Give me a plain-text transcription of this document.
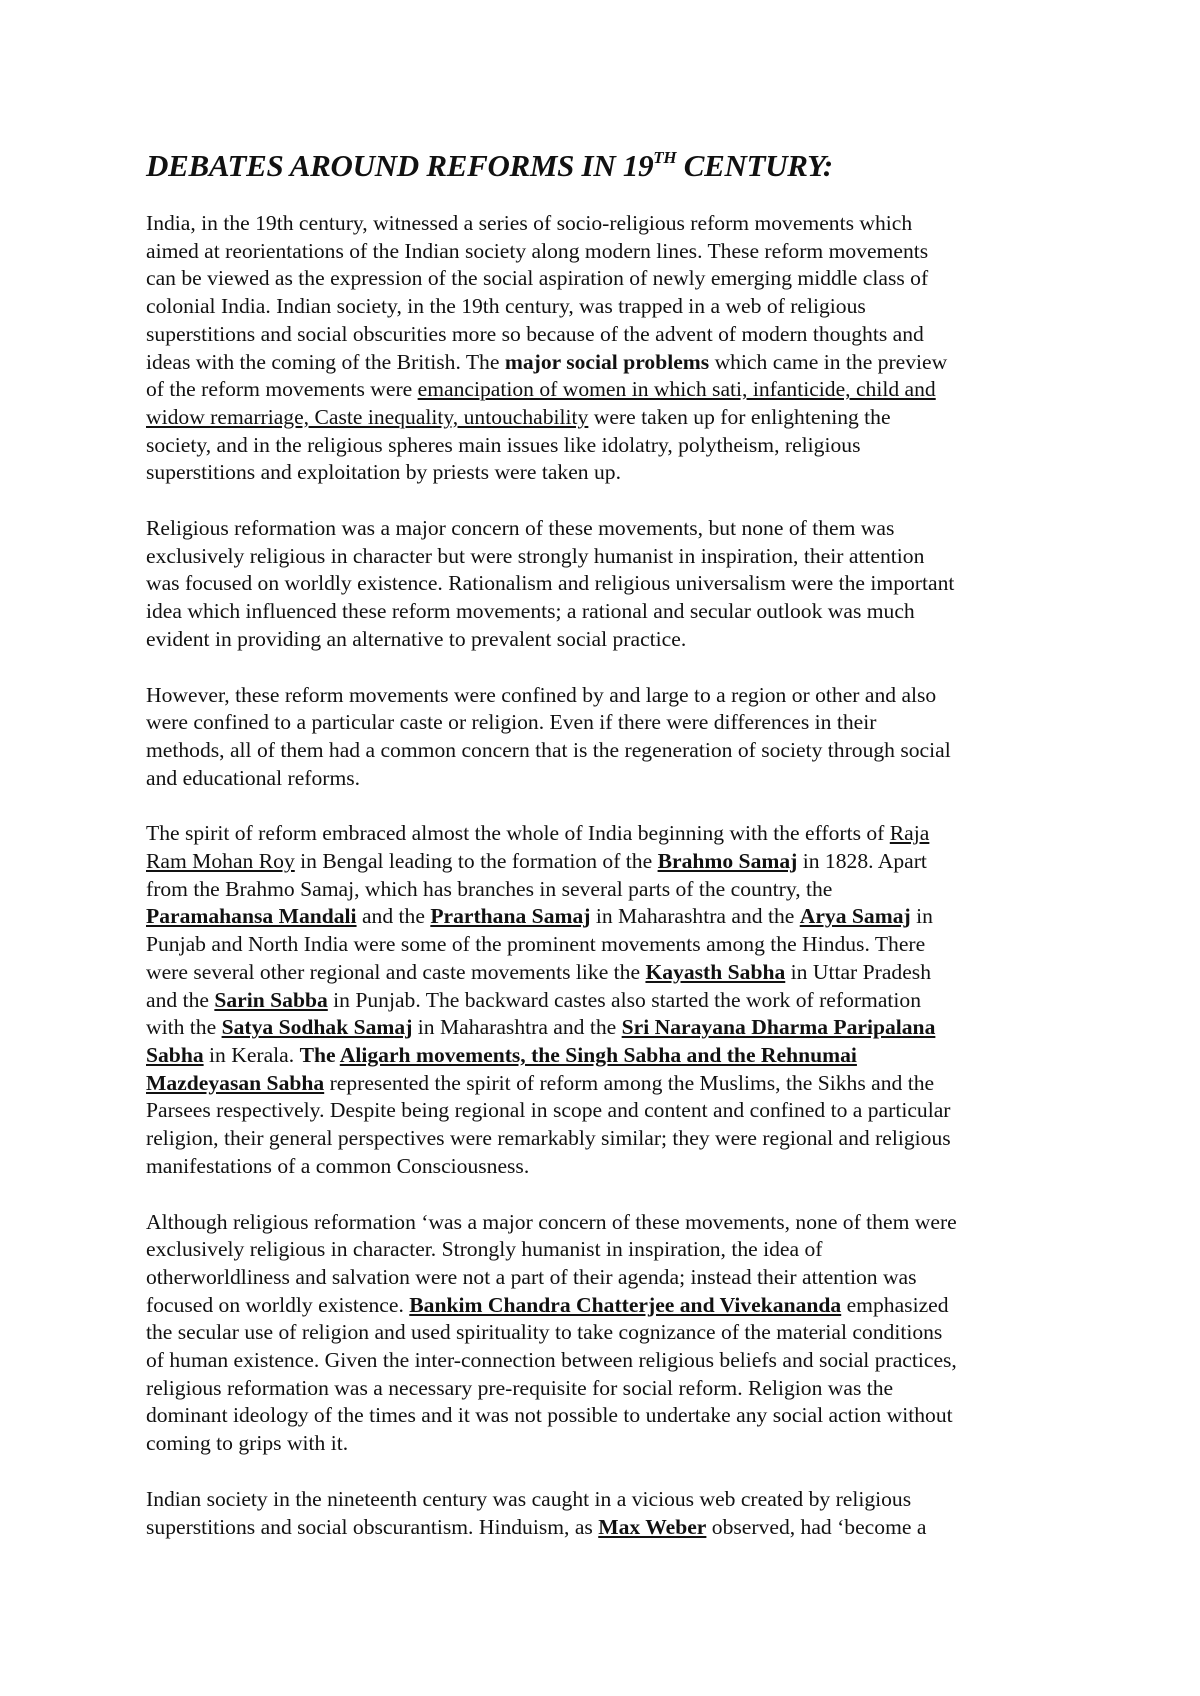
DEBATES AROUND REFORMS IN 19TH CENTURY:

India, in the 19th century, witnessed a series of socio-religious reform movements which
aimed at reorientations of the Indian society along modern lines. These reform movements
can be viewed as the expression of the social aspiration of newly emerging middle class of
colonial India. Indian society, in the 19th century, was trapped in a web of religious
superstitions and social obscurities more so because of the advent of modern thoughts and
ideas with the coming of the British. The major social problems which came in the preview
of the reform movements were emancipation of women in which sati, infanticide, child and
widow remarriage, Caste inequality, untouchability were taken up for enlightening the
society, and in the religious spheres main issues like idolatry, polytheism, religious
superstitions and exploitation by priests were taken up.

Religious reformation was a major concern of these movements, but none of them was
exclusively religious in character but were strongly humanist in inspiration, their attention
was focused on worldly existence. Rationalism and religious universalism were the important
idea which influenced these reform movements; a rational and secular outlook was much
evident in providing an alternative to prevalent social practice.

However, these reform movements were confined by and large to a region or other and also
were confined to a particular caste or religion. Even if there were differences in their
methods, all of them had a common concern that is the regeneration of society through social
and educational reforms.

The spirit of reform embraced almost the whole of India beginning with the efforts of Raja
Ram Mohan Roy in Bengal leading to the formation of the Brahmo Samaj in 1828. Apart
from the Brahmo Samaj, which has branches in several parts of the country, the
Paramahansa Mandali and the Prarthana Samaj in Maharashtra and the Arya Samaj in
Punjab and North India were some of the prominent movements among the Hindus. There
were several other regional and caste movements like the Kayasth Sabha in Uttar Pradesh
and the Sarin Sabba in Punjab. The backward castes also started the work of reformation
with the Satya Sodhak Samaj in Maharashtra and the Sri Narayana Dharma Paripalana
Sabha in Kerala. The Aligarh movements, the Singh Sabha and the Rehnumai
Mazdeyasan Sabha represented the spirit of reform among the Muslims, the Sikhs and the
Parsees respectively. Despite being regional in scope and content and confined to a particular
religion, their general perspectives were remarkably similar; they were regional and religious
manifestations of a common Consciousness.

Although religious reformation ‘was a major concern of these movements, none of them were
exclusively religious in character. Strongly humanist in inspiration, the idea of
otherworldliness and salvation were not a part of their agenda; instead their attention was
focused on worldly existence. Bankim Chandra Chatterjee and Vivekananda emphasized
the secular use of religion and used spirituality to take cognizance of the material conditions
of human existence. Given the inter-connection between religious beliefs and social practices,
religious reformation was a necessary pre-requisite for social reform. Religion was the
dominant ideology of the times and it was not possible to undertake any social action without
coming to grips with it.

Indian society in the nineteenth century was caught in a vicious web created by religious
superstitions and social obscurantism. Hinduism, as Max Weber observed, had ‘become a
